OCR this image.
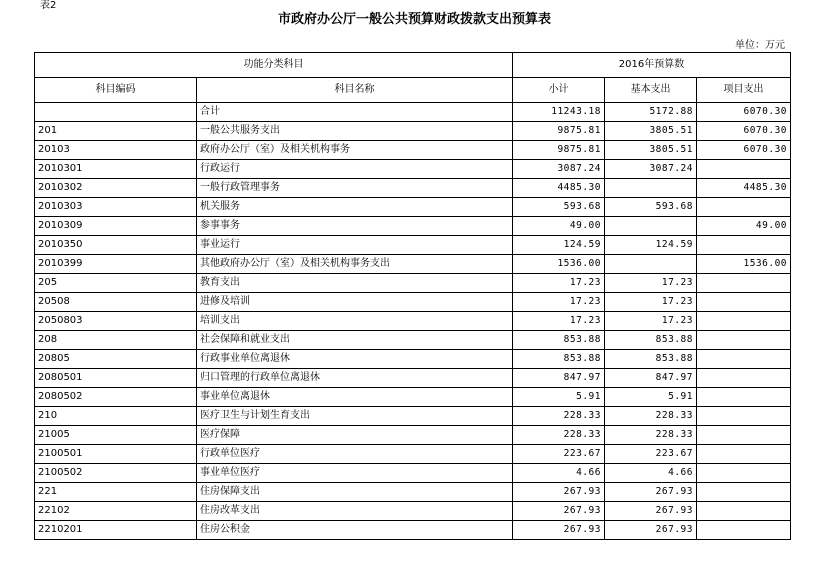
表2
市政府办公厅一般公共预算财政拨款支出预算表
单位：万元
功能分类科目		2016年预算数		
科目编码	科目名称	小计	基本支出	项目支出
	合计	11243.18	5172.88	6070.30
201	一般公共服务支出	9875.81	3805.51	6070.30
20103	政府办公厅（室）及相关机构事务	9875.81	3805.51	6070.30
2010301	行政运行	3087.24	3087.24	
2010302	一般行政管理事务	4485.30		4485.30
2010303	机关服务	593.68	593.68	
2010309	参事事务	49.00		49.00
2010350	事业运行	124.59	124.59	
2010399	其他政府办公厅（室）及相关机构事务支出	1536.00		1536.00
205	教育支出	17.23	17.23	
20508	进修及培训	17.23	17.23	
2050803	培训支出	17.23	17.23	
208	社会保障和就业支出	853.88	853.88	
20805	行政事业单位离退休	853.88	853.88	
2080501	归口管理的行政单位离退休	847.97	847.97	
2080502	事业单位离退休	5.91	5.91	
210	医疗卫生与计划生育支出	228.33	228.33	
21005	医疗保障	228.33	228.33	
2100501	行政单位医疗	223.67	223.67	
2100502	事业单位医疗	4.66	4.66	
221	住房保障支出	267.93	267.93	
22102	住房改革支出	267.93	267.93	
2210201	住房公积金	267.93	267.93	
